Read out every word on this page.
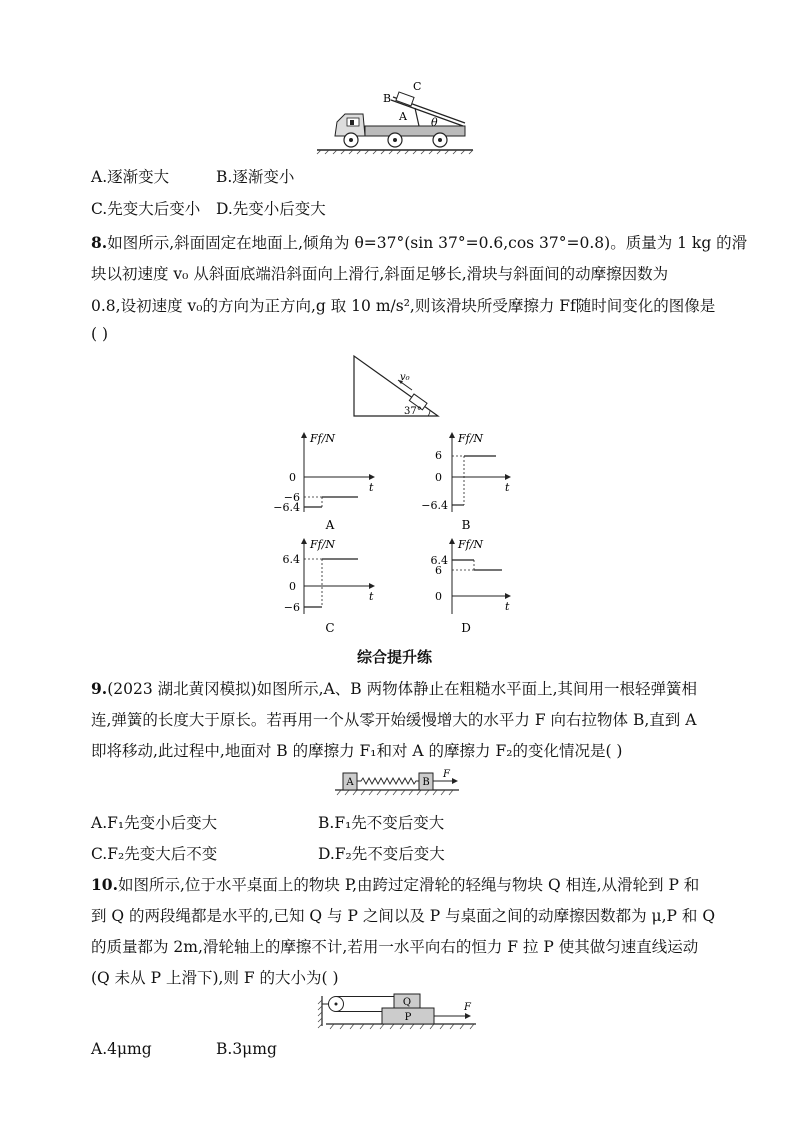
C
B
A θ
A.逐渐变大	B.逐渐变小
C.先变大后变小 D.先变小后变大
8.如图所示,斜面固定在地面上,倾角为 θ=37°(sin 37°=0.6,cos 37°=0.8)。质量为 1 kg 的滑
块以初速度 v₀ 从斜面底端沿斜面向上滑行,斜面足够长,滑块与斜面间的动摩擦因数为
0.8,设初速度 v₀的方向为正方向,g 取 10 m/s²,则该滑块所受摩擦力 Ff随时间变化的图像是
( )
v₀
37°
Ff/N
t
0
−6
−6.4
A
Ff/N
t
6
0
−6.4
B
Ff/N
t
6.4
0
−6
C
Ff/N
t
6.4
6
0
D
综合提升练
9.(2023 湖北黄冈模拟)如图所示,A、B 两物体静止在粗糙水平面上,其间用一根轻弹簧相
连,弹簧的长度大于原长。若再用一个从零开始缓慢增大的水平力 F 向右拉物体 B,直到 A
即将移动,此过程中,地面对 B 的摩擦力 F₁和对 A 的摩擦力 F₂的变化情况是( )
A	B
F
A.F₁先变小后变大	B.F₁先不变后变大
C.F₂先变大后不变	D.F₂先不变后变大
10.如图所示,位于水平桌面上的物块 P,由跨过定滑轮的轻绳与物块 Q 相连,从滑轮到 P 和
到 Q 的两段绳都是水平的,已知 Q 与 P 之间以及 P 与桌面之间的动摩擦因数都为 μ,P 和 Q
的质量都为 2m,滑轮轴上的摩擦不计,若用一水平向右的恒力 F 拉 P 使其做匀速直线运动
(Q 未从 P 上滑下),则 F 的大小为( )
Q
P
F
A.4μmg	B.3μmg
